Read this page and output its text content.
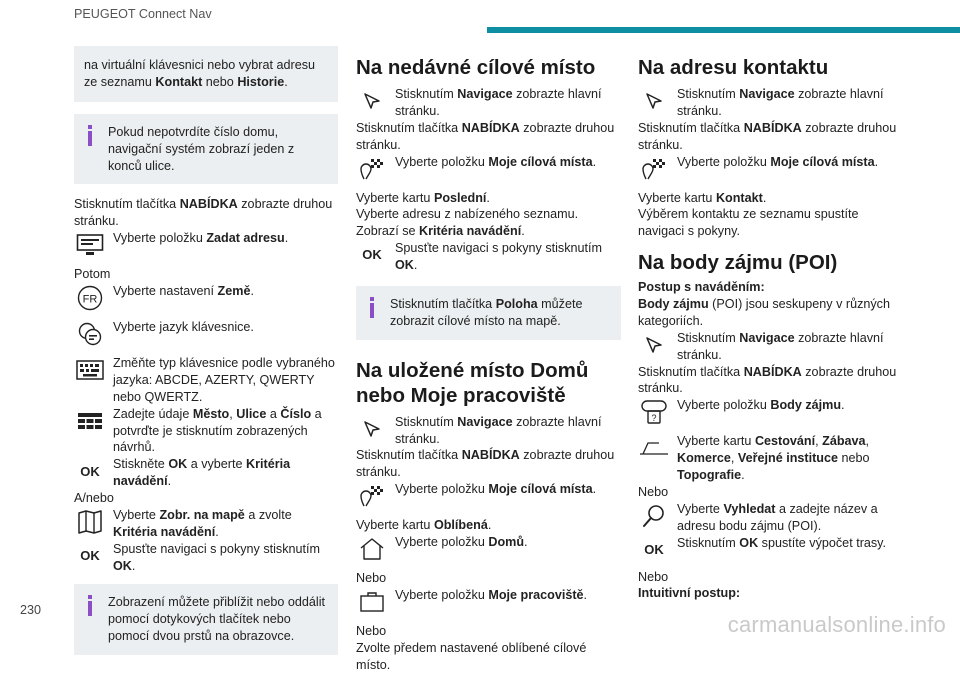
PEUGEOT Connect Nav

na virtuální klávesnici nebo vybrat adresu ze seznamu Kontakt nebo Historie.

Pokud nepotvrdíte číslo domu, navigační systém zobrazí jeden z konců ulice.

Stisknutím tlačítka NABÍDKA zobrazte druhou stránku.

Vyberte položku Zadat adresu.

Potom

FR

Vyberte nastavení Země.

Vyberte jazyk klávesnice.

Změňte typ klávesnice podle vybraného jazyka: ABCDE, AZERTY, QWERTY nebo QWERTZ.

Zadejte údaje Město, Ulice a Číslo a potvrďte je stisknutím zobrazených návrhů.

OK	Stiskněte OK a vyberte Kritéria navádění.

A/nebo

Vyberte Zobr. na mapě a zvolte Kritéria navádění.

OK	Spusťte navigaci s pokyny stisknutím OK.

Zobrazení můžete přiblížit nebo oddálit pomocí dotykových tlačítek nebo pomocí dvou prstů na obrazovce.

Na nedávné cílové místo

Stisknutím Navigace zobrazte hlavní stránku.

Stisknutím tlačítka NABÍDKA zobrazte druhou stránku.

Vyberte položku Moje cílová místa.

Vyberte kartu Poslední.

Vyberte adresu z nabízeného seznamu. Zobrazí se Kritéria navádění.

OK	Spusťte navigaci s pokyny stisknutím OK.

Stisknutím tlačítka Poloha můžete zobrazit cílové místo na mapě.

Na uložené místo Domů nebo Moje pracoviště

Stisknutím Navigace zobrazte hlavní stránku.

Stisknutím tlačítka NABÍDKA zobrazte druhou stránku.

Vyberte položku Moje cílová místa.

Vyberte kartu Oblíbená.

Vyberte položku Domů.

Nebo

Vyberte položku Moje pracoviště.

Nebo

Zvolte předem nastavené oblíbené cílové místo.

Na adresu kontaktu

Stisknutím Navigace zobrazte hlavní stránku.

Stisknutím tlačítka NABÍDKA zobrazte druhou stránku.

Vyberte položku Moje cílová místa.

Vyberte kartu Kontakt.

Výběrem kontaktu ze seznamu spustíte navigaci s pokyny.

Na body zájmu (POI)

Postup s naváděním:

Body zájmu (POI) jsou seskupeny v různých kategoriích.

Stisknutím Navigace zobrazte hlavní stránku.

Stisknutím tlačítka NABÍDKA zobrazte druhou stránku.

?

Vyberte položku Body zájmu.

Vyberte kartu Cestování, Zábava, Komerce, Veřejné instituce nebo Topografie.

Nebo

Vyberte Vyhledat a zadejte název a adresu bodu zájmu (POI).

OK	Stisknutím OK spustíte výpočet trasy.

Nebo

Intuitivní postup:

230
carmanualsonline.info
